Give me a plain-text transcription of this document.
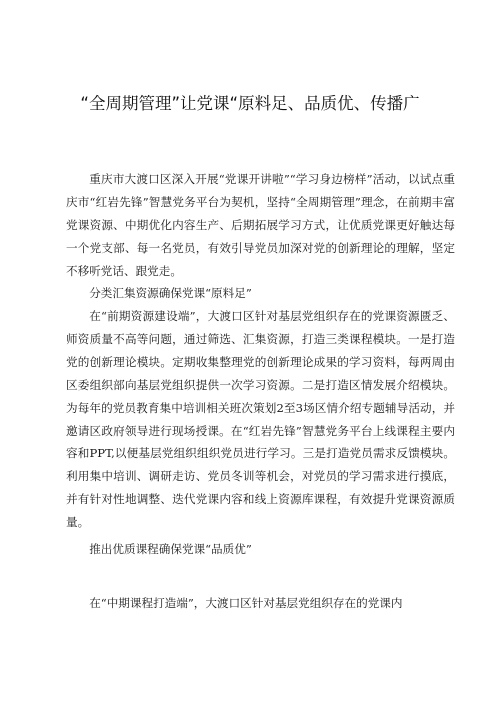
“全周期管理”让党课“原料足、品质优、传播广

重庆市大渡口区深入开展“党课开讲啦”“学习身边榜样”活动，以试点重庆市“红岩先锋”智慧党务平台为契机，坚持“全周期管理”理念，在前期丰富党课资源、中期优化内容生产、后期拓展学习方式，让优质党课更好触达每一个党支部、每一名党员，有效引导党员加深对党的创新理论的理解，坚定不移听党话、跟党走。

分类汇集资源确保党课“原料足”

在“前期资源建设端”，大渡口区针对基层党组织存在的党课资源匮乏、师资质量不高等问题，通过筛选、汇集资源，打造三类课程模块。一是打造党的创新理论模块。定期收集整理党的创新理论成果的学习资料，每两周由区委组织部向基层党组织提供一次学习资源。二是打造区情发展介绍模块。为每年的党员教育集中培训相关班次策划2至3场区情介绍专题辅导活动，并邀请区政府领导进行现场授课。在“红岩先锋”智慧党务平台上线课程主要内容和PPT,以便基层党组织组织党员进行学习。三是打造党员需求反馈模块。利用集中培训、调研走访、党员冬训等机会，对党员的学习需求进行摸底，并有针对性地调整、迭代党课内容和线上资源库课程，有效提升党课资源质量。

推出优质课程确保党课“品质优”

在“中期课程打造端”，大渡口区针对基层党组织存在的党课内
